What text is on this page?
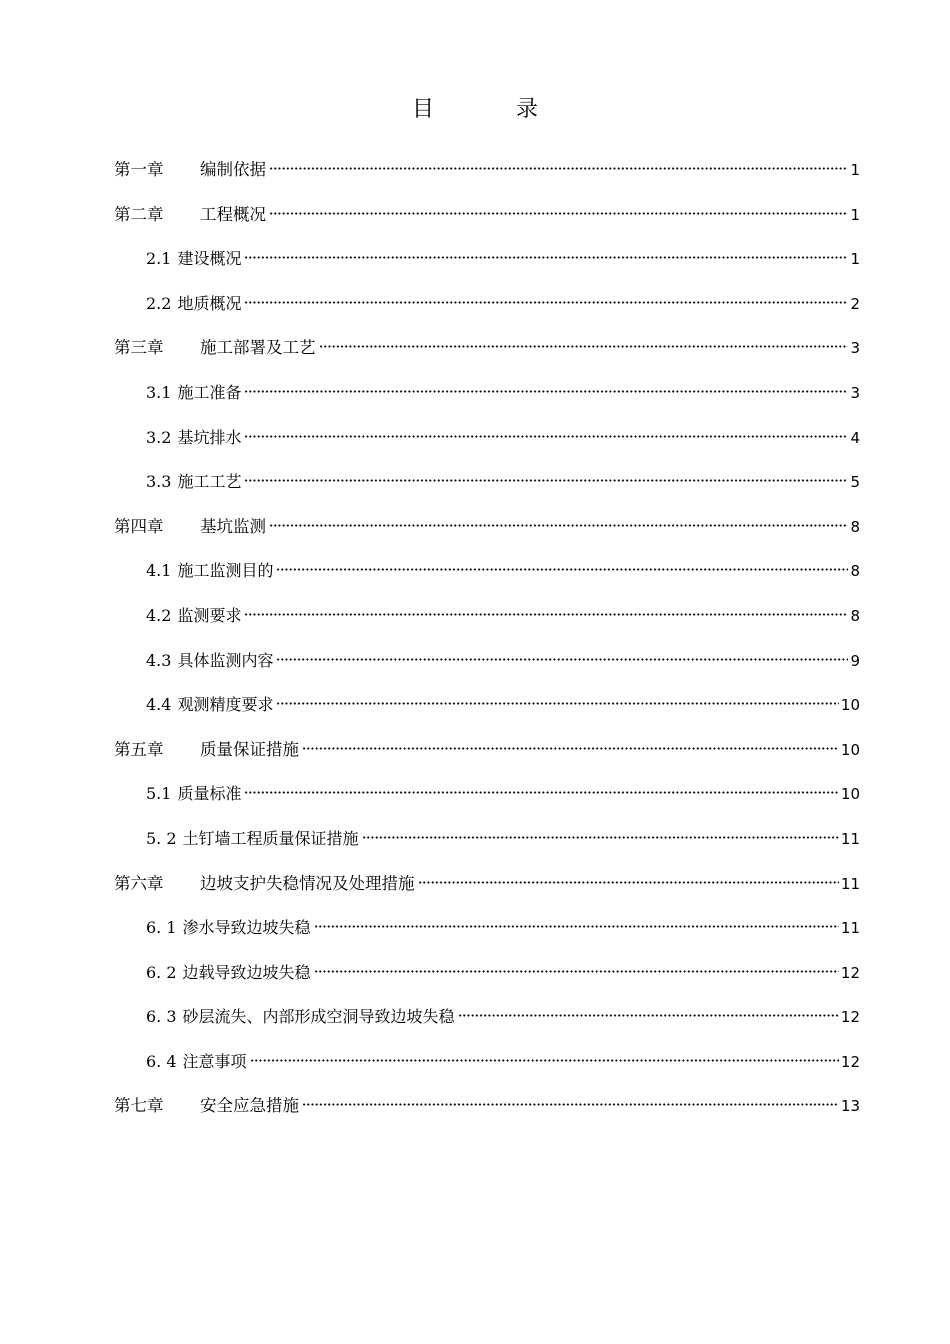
目　录
第一章	编制依据	1
第二章	工程概况	1
2.1 建设概况	1
2.2 地质概况	2
第三章	施工部署及工艺	3
3.1 施工准备	3
3.2 基坑排水	4
3.3 施工工艺	5
第四章	基坑监测	8
4.1 施工监测目的	8
4.2 监测要求	8
4.3 具体监测内容	9
4.4 观测精度要求	10
第五章	质量保证措施	10
5.1 质量标准	10
5. 2 土钉墙工程质量保证措施	11
第六章	边坡支护失稳情况及处理措施	11
6. 1 渗水导致边坡失稳	11
6. 2 边载导致边坡失稳	12
6. 3 砂层流失、内部形成空洞导致边坡失稳	12
6. 4 注意事项	12
第七章	安全应急措施	13
